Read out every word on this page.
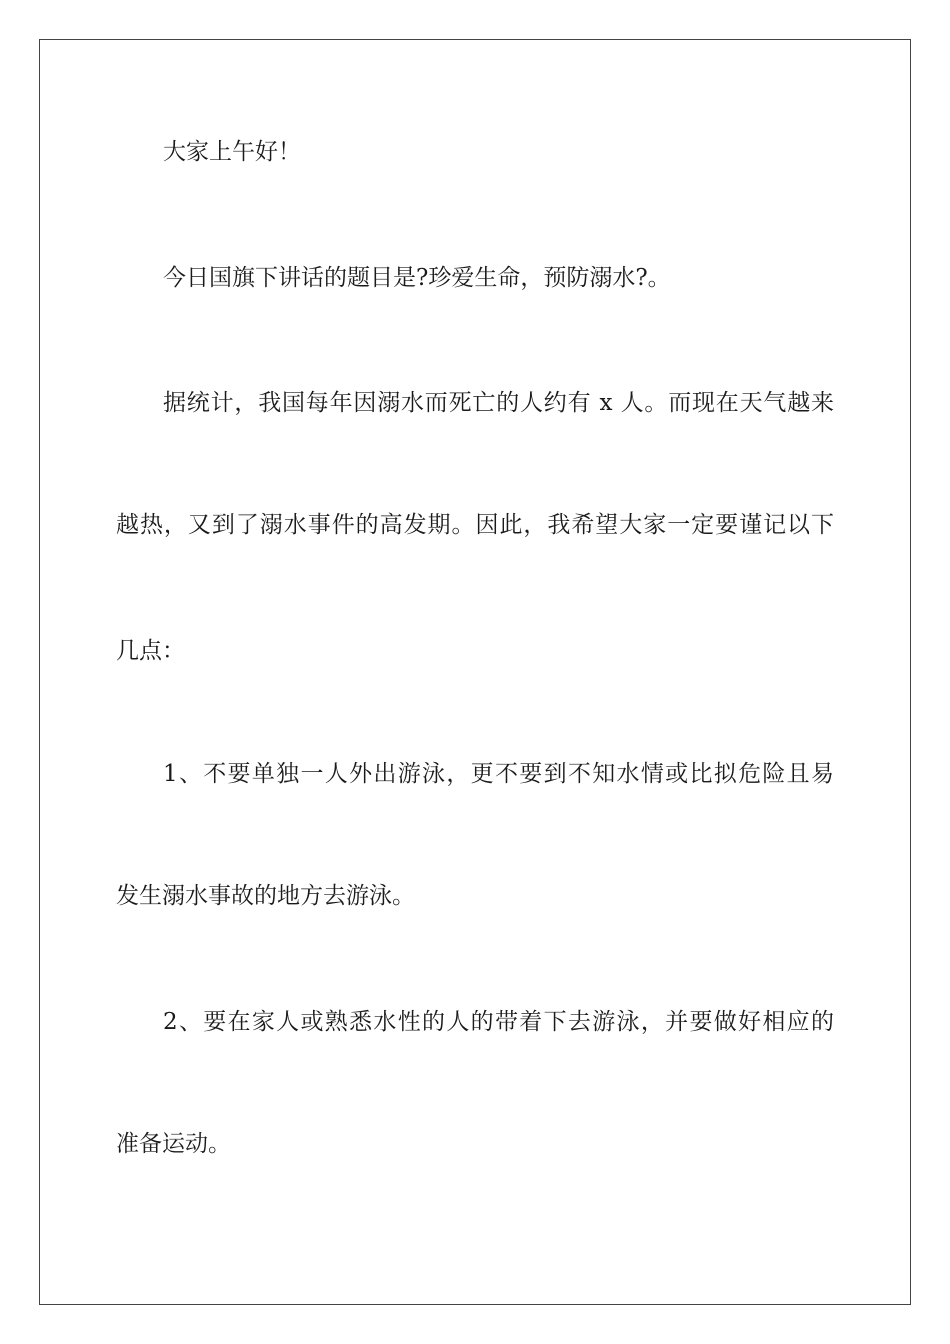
大家上午好！
今日国旗下讲话的题目是?珍爱生命，预防溺水?。
据统计，我国每年因溺水而死亡的人约有 x 人。而现在天气越来
越热，又到了溺水事件的高发期。因此，我希望大家一定要谨记以下
几点：
1、不要单独一人外出游泳，更不要到不知水情或比拟危险且易
发生溺水事故的地方去游泳。
2、要在家人或熟悉水性的人的带着下去游泳，并要做好相应的
准备运动。
